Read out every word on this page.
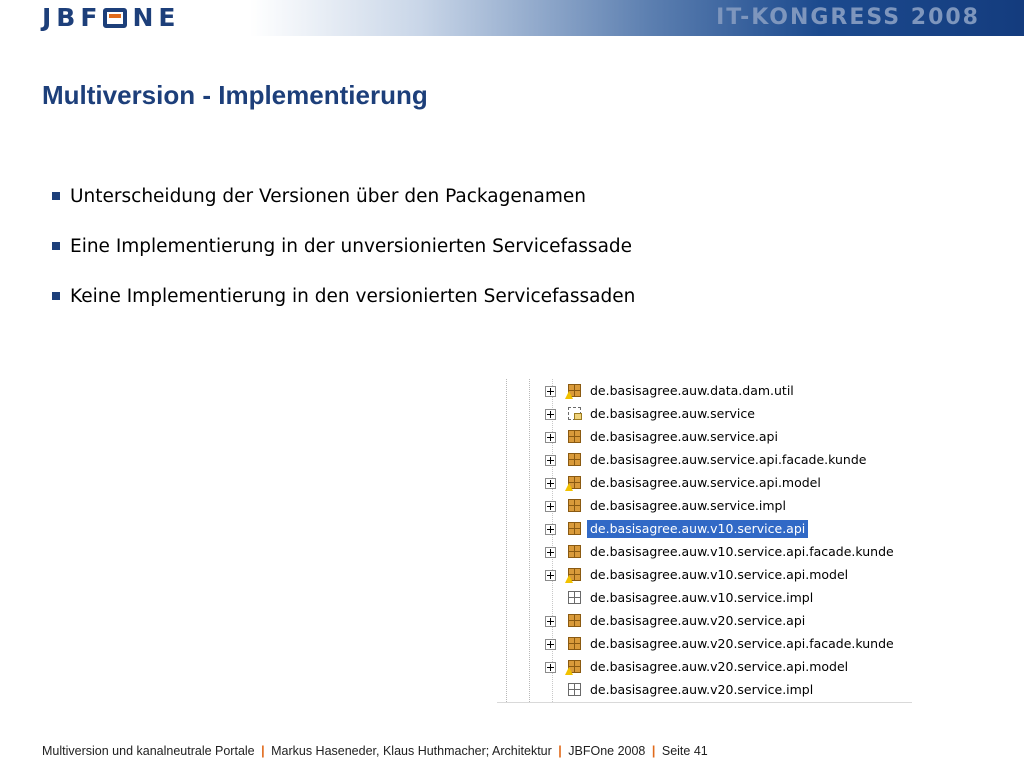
JBF NE	IT-KONGRESS 2008
Multiversion - Implementierung
Unterscheidung der Versionen über den Packagenamen
Eine Implementierung in der unversionierten Servicefassade
Keine Implementierung in den versionierten Servicefassaden
de.basisagree.auw.data.dam.util
de.basisagree.auw.service
de.basisagree.auw.service.api
de.basisagree.auw.service.api.facade.kunde
de.basisagree.auw.service.api.model
de.basisagree.auw.service.impl
de.basisagree.auw.v10.service.api
de.basisagree.auw.v10.service.api.facade.kunde
de.basisagree.auw.v10.service.api.model
de.basisagree.auw.v10.service.impl
de.basisagree.auw.v20.service.api
de.basisagree.auw.v20.service.api.facade.kunde
de.basisagree.auw.v20.service.api.model
de.basisagree.auw.v20.service.impl
Multiversion und kanalneutrale Portale | Markus Haseneder, Klaus Huthmacher; Architektur | JBFOne 2008 | Seite 41
